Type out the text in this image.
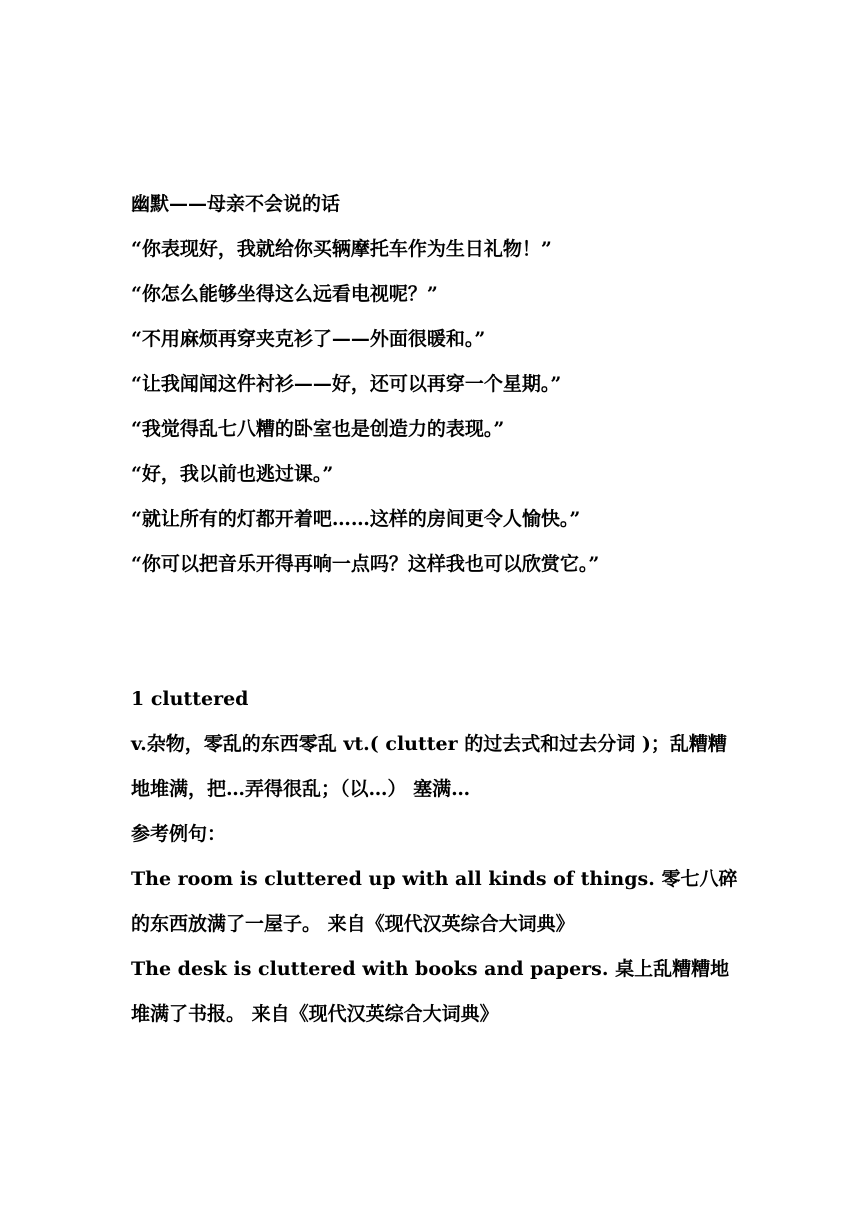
幽默——母亲不会说的话
“你表现好，我就给你买辆摩托车作为生日礼物！”
“你怎么能够坐得这么远看电视呢？”
“不用麻烦再穿夹克衫了——外面很暖和。”
“让我闻闻这件衬衫——好，还可以再穿一个星期。”
“我觉得乱七八糟的卧室也是创造力的表现。”
“好，我以前也逃过课。”
“就让所有的灯都开着吧……这样的房间更令人愉快。”
“你可以把音乐开得再响一点吗？这样我也可以欣赏它。”
1 cluttered
v.杂物，零乱的东西零乱 vt.( clutter 的过去式和过去分词 )；乱糟糟地堆满，把…弄得很乱；（以…） 塞满…
参考例句：
The room is cluttered up with all kinds of things. 零七八碎的东西放满了一屋子。 来自《现代汉英综合大词典》
The desk is cluttered with books and papers. 桌上乱糟糟地堆满了书报。 来自《现代汉英综合大词典》
